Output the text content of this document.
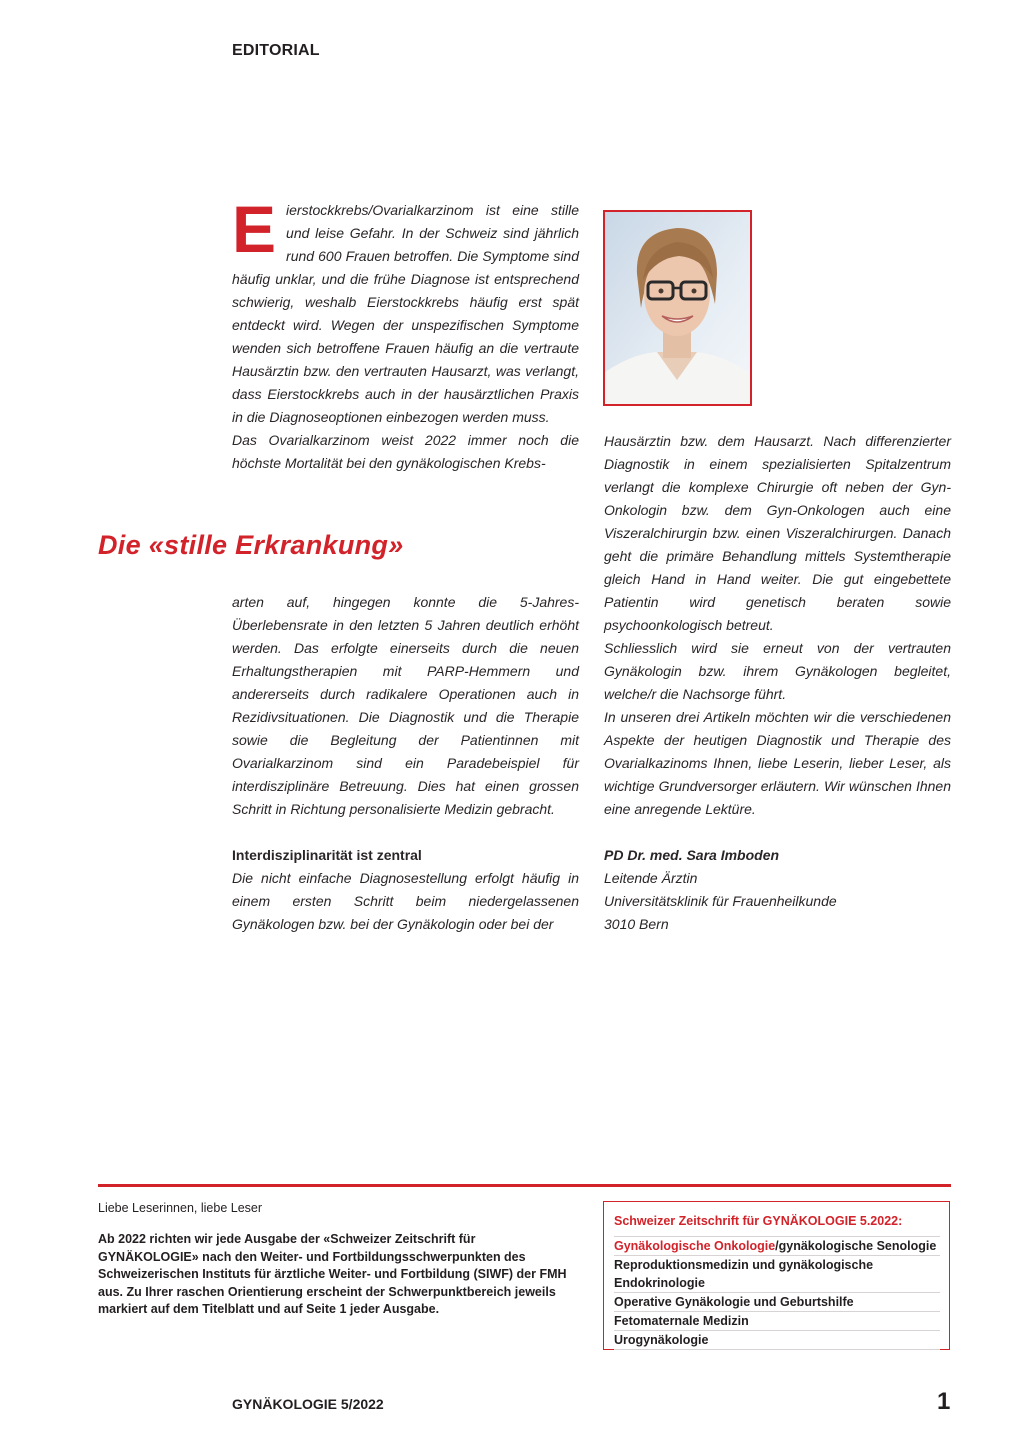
EDITORIAL

Eierstockkrebs/Ovarialkarzinom ist eine stille und leise Gefahr. In der Schweiz sind jährlich rund 600 Frauen betroffen. Die Symptome sind häufig unklar, und die frühe Diagnose ist entsprechend schwierig, weshalb Eierstockkrebs häufig erst spät entdeckt wird. Wegen der unspezifischen Symptome wenden sich betroffene Frauen häufig an die vertraute Hausärztin bzw. den vertrauten Hausarzt, was verlangt, dass Eierstockkrebs auch in der hausärztlichen Praxis in die Diagnoseoptionen einbezogen werden muss.

Das Ovarialkarzinom weist 2022 immer noch die höchste Mortalität bei den gynäkologischen Krebs-

Die «stille Erkrankung»

arten auf, hingegen konnte die 5-Jahres-Überlebensrate in den letzten 5 Jahren deutlich erhöht werden. Das erfolgte einerseits durch die neuen Erhaltungstherapien mit PARP-Hemmern und andererseits durch radikalere Operationen auch in Rezidivsituationen. Die Diagnostik und die Therapie sowie die Begleitung der Patientinnen mit Ovarialkarzinom sind ein Paradebeispiel für interdisziplinäre Betreuung. Dies hat einen grossen Schritt in Richtung personalisierte Medizin gebracht.

Interdisziplinarität ist zentral

Die nicht einfache Diagnosestellung erfolgt häufig in einem ersten Schritt beim niedergelassenen Gynäkologen bzw. bei der Gynäkologin oder bei der

Hausärztin bzw. dem Hausarzt. Nach differenzierter Diagnostik in einem spezialisierten Spitalzentrum verlangt die komplexe Chirurgie oft neben der Gyn-Onkologin bzw. dem Gyn-Onkologen auch eine Viszeralchirurgin bzw. einen Viszeralchirurgen. Danach geht die primäre Behandlung mittels Systemtherapie gleich Hand in Hand weiter. Die gut eingebettete Patientin wird genetisch beraten sowie psychoonkologisch betreut.

Schliesslich wird sie erneut von der vertrauten Gynäkologin bzw. ihrem Gynäkologen begleitet, welche/r die Nachsorge führt.

In unseren drei Artikeln möchten wir die verschiedenen Aspekte der heutigen Diagnostik und Therapie des Ovarialkazinoms Ihnen, liebe Leserin, lieber Leser, als wichtige Grundversorger erläutern. Wir wünschen Ihnen eine anregende Lektüre.

PD Dr. med. Sara Imboden
Leitende Ärztin
Universitätsklinik für Frauenheilkunde
3010 Bern

Liebe Leserinnen, liebe Leser

Ab 2022 richten wir jede Ausgabe der «Schweizer Zeitschrift für GYNÄKOLOGIE» nach den Weiter- und Fortbildungsschwerpunkten des Schweizerischen Instituts für ärztliche Weiter- und Fortbildung (SIWF) der FMH aus. Zu Ihrer raschen Orientierung erscheint der Schwerpunktbereich jeweils markiert auf dem Titelblatt und auf Seite 1 jeder Ausgabe.

Schweizer Zeitschrift für GYNÄKOLOGIE 5.2022:
Gynäkologische Onkologie/gynäkologische Senologie
Reproduktionsmedizin und gynäkologische Endokrinologie
Operative Gynäkologie und Geburtshilfe
Fetomaternale Medizin
Urogynäkologie
GYNÄKOLOGIE 5/2022	1
